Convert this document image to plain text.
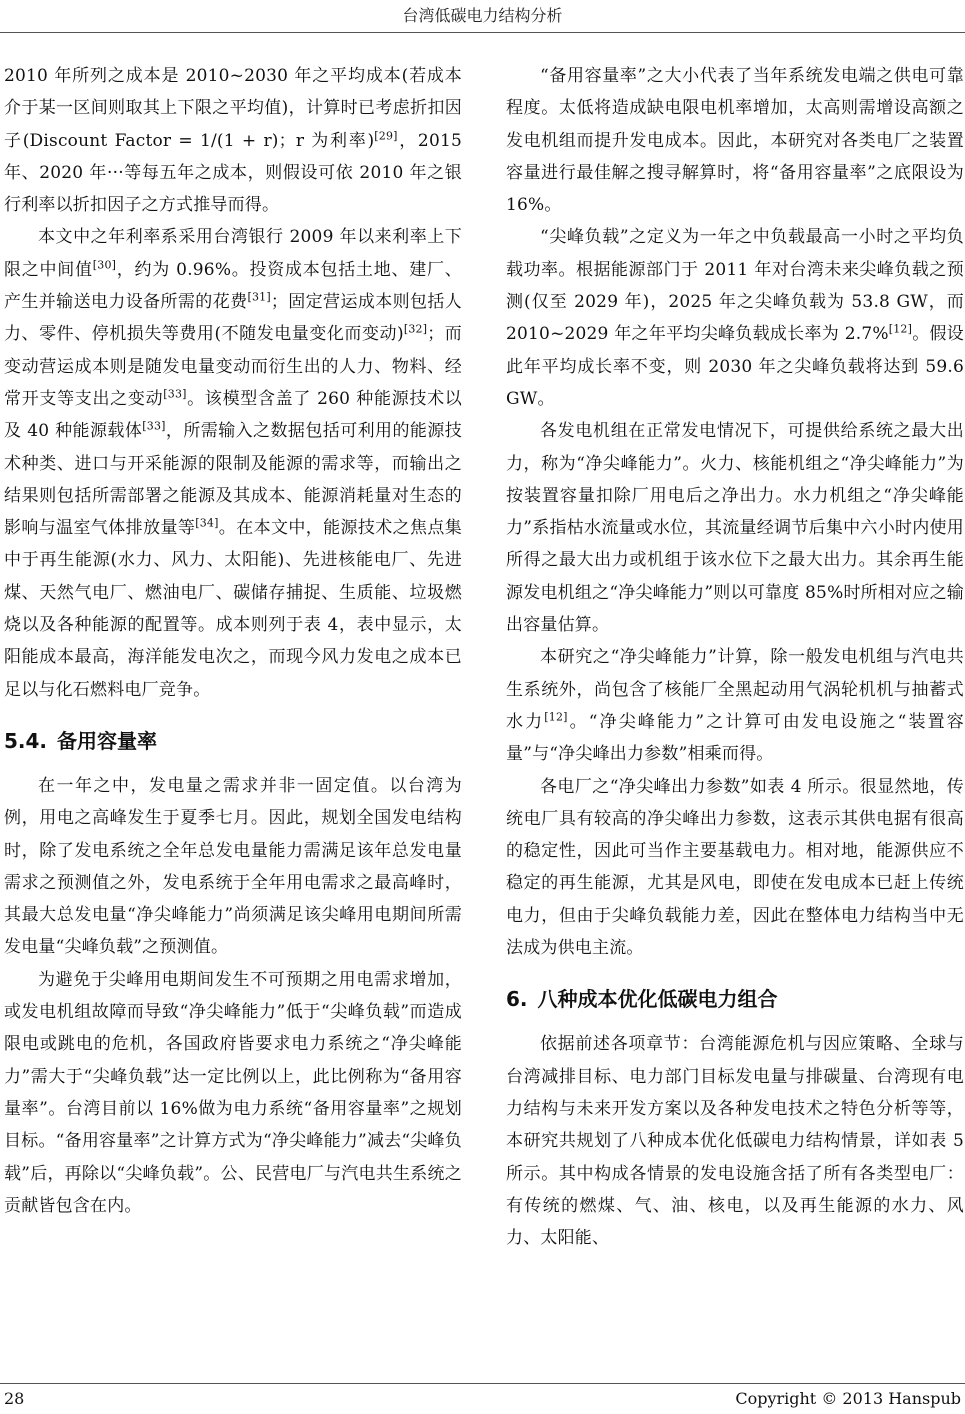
台湾低碳电力结构分析

2010 年所列之成本是 2010~2030 年之平均成本(若成本介于某一区间则取其上下限之平均值)，计算时已考虑折扣因子(Discount Factor = 1/(1 + r)；r 为利率)[29]，2015 年、2020 年···等每五年之成本，则假设可依 2010 年之银行利率以折扣因子之方式推导而得。

本文中之年利率系采用台湾银行 2009 年以来利率上下限之中间值[30]，约为 0.96%。投资成本包括土地、建厂、产生并输送电力设备所需的花费[31]；固定营运成本则包括人力、零件、停机损失等费用(不随发电量变化而变动)[32]；而变动营运成本则是随发电量变动而衍生出的人力、物料、经常开支等支出之变动[33]。该模型含盖了 260 种能源技术以及 40 种能源载体[33]，所需输入之数据包括可利用的能源技术种类、进口与开采能源的限制及能源的需求等，而输出之结果则包括所需部署之能源及其成本、能源消耗量对生态的影响与温室气体排放量等[34]。在本文中，能源技术之焦点集中于再生能源(水力、风力、太阳能)、先进核能电厂、先进煤、天然气电厂、燃油电厂、碳储存捕捉、生质能、垃圾燃烧以及各种能源的配置等。成本则列于表 4，表中显示，太阳能成本最高，海洋能发电次之，而现今风力发电之成本已足以与化石燃料电厂竞争。

5.4. 备用容量率

在一年之中，发电量之需求并非一固定值。以台湾为例，用电之高峰发生于夏季七月。因此，规划全国发电结构时，除了发电系统之全年总发电量能力需满足该年总发电量需求之预测值之外，发电系统于全年用电需求之最高峰时，其最大总发电量“净尖峰能力”尚须满足该尖峰用电期间所需发电量“尖峰负载”之预测值。

为避免于尖峰用电期间发生不可预期之用电需求增加，或发电机组故障而导致“净尖峰能力”低于“尖峰负载”而造成限电或跳电的危机，各国政府皆要求电力系统之“净尖峰能力”需大于“尖峰负载”达一定比例以上，此比例称为“备用容量率”。台湾目前以 16%做为电力系统“备用容量率”之规划目标。“备用容量率”之计算方式为“净尖峰能力”减去“尖峰负载”后，再除以“尖峰负载”。公、民营电厂与汽电共生系统之贡献皆包含在内。

“备用容量率”之大小代表了当年系统发电端之供电可靠程度。太低将造成缺电限电机率增加，太高则需增设高额之发电机组而提升发电成本。因此，本研究对各类电厂之装置容量进行最佳解之搜寻解算时，将“备用容量率”之底限设为 16%。

“尖峰负载”之定义为一年之中负载最高一小时之平均负载功率。根据能源部门于 2011 年对台湾未来尖峰负载之预测(仅至 2029 年)，2025 年之尖峰负载为 53.8 GW，而 2010~2029 年之年平均尖峰负载成长率为 2.7%[12]。假设此年平均成长率不变，则 2030 年之尖峰负载将达到 59.6 GW。

各发电机组在正常发电情况下，可提供给系统之最大出力，称为“净尖峰能力”。火力、核能机组之“净尖峰能力”为按装置容量扣除厂用电后之净出力。水力机组之“净尖峰能力”系指枯水流量或水位，其流量经调节后集中六小时内使用所得之最大出力或机组于该水位下之最大出力。其余再生能源发电机组之“净尖峰能力”则以可靠度 85%时所相对应之输出容量估算。

本研究之“净尖峰能力”计算，除一般发电机组与汽电共生系统外，尚包含了核能厂全黑起动用气涡轮机机与抽蓄式水力[12]。“净尖峰能力”之计算可由发电设施之“装置容量”与“净尖峰出力参数”相乘而得。

各电厂之“净尖峰出力参数”如表 4 所示。很显然地，传统电厂具有较高的净尖峰出力参数，这表示其供电据有很高的稳定性，因此可当作主要基载电力。相对地，能源供应不稳定的再生能源，尤其是风电，即使在发电成本已赶上传统电力，但由于尖峰负载能力差，因此在整体电力结构当中无法成为供电主流。

6. 八种成本优化低碳电力组合

依据前述各项章节：台湾能源危机与因应策略、全球与台湾减排目标、电力部门目标发电量与排碳量、台湾现有电力结构与未来开发方案以及各种发电技术之特色分析等等，本研究共规划了八种成本优化低碳电力结构情景，详如表 5 所示。其中构成各情景的发电设施含括了所有各类型电厂：有传统的燃煤、气、油、核电，以及再生能源的水力、风力、太阳能、

28	Copyright © 2013 Hanspub
